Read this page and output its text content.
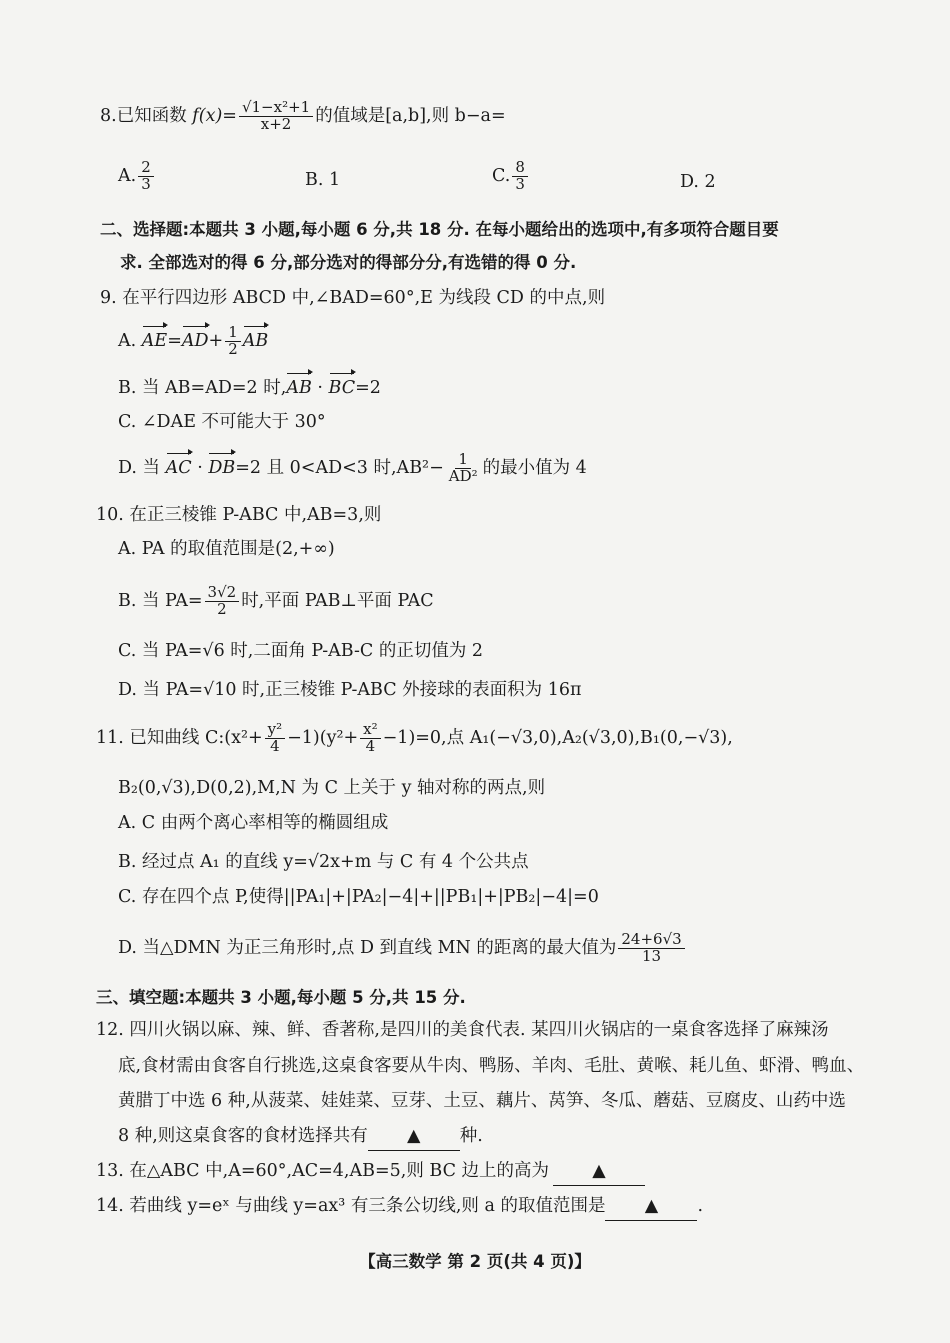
8.已知函数 $f(x)= \frac{\text{√1−x²+1}}{x+2}$ 的值域是[a,b],则 b−a=
A. $\frac{2}{3}$	B. 1	C. $\frac{8}{3}$	D. 2
二、选择题:本题共 3 小题,每小题 6 分,共 18 分. 在每小题给出的选项中,有多项符合题目要
求. 全部选对的得 6 分,部分选对的得部分分,有选错的得 0 分.
9. 在平行四边形 ABCD 中,∠BAD=60°,E 为线段 CD 的中点,则
A. $AE=AD+ \frac{1}{2}$ AB
B. 当 AB=AD=2 时,AB · BC=2
C. ∠DAE 不可能大于 30°
D. 当 AC · DB=2 且 0<AD<3 时$,AB^2- \frac{1}{\text{AD²}}$ 的最小值为 4
10. 在正三棱锥 P-ABC 中,AB=3,则
A. PA 的取值范围是(2,+∞)
B. 当 $PA= \frac{3√2}{2}$ 时,平面 PAB⊥平面 PAC
C. 当 PA=√6 时,二面角 P-AB-C 的正切值为 2
D. 当 PA=√10 时,正三棱锥 P-ABC 外接球的表面积为 16π
11. 已知曲线 C:(x²+ $\frac{\text{y²}}{4} -1)(y^2+ \frac{\text{x²}}{4} -1)=0$,点 A₁(−√3,0),A₂(√3,0),B₁(0,−√3),
B₂(0,√3),D(0,2),M,N 为 C 上关于 y 轴对称的两点,则
A. C 由两个离心率相等的椭圆组成
B. 经过点 A₁ 的直线 y=√2x+m 与 C 有 4 个公共点
C. 存在四个点 P,使得||PA₁|+|PA₂|−4|+||PB₁|+|PB₂|−4|=0
D. 当△DMN 为正三角形时,点 D 到直线 MN 的距离的最大值为 $\frac{24+6√3}{13}$
三、填空题:本题共 3 小题,每小题 5 分,共 15 分.
12. 四川火锅以麻、辣、鲜、香著称,是四川的美食代表. 某四川火锅店的一桌食客选择了麻辣汤
底,食材需由食客自行挑选,这桌食客要从牛肉、鸭肠、羊肉、毛肚、黄喉、耗儿鱼、虾滑、鸭血、
黄腊丁中选 6 种,从菠菜、娃娃菜、豆芽、土豆、藕片、莴笋、冬瓜、蘑菇、豆腐皮、山药中选
8 种,则这桌食客的食材选择共有 ▲ 种.
13. 在△ABC 中,A=60°,AC=4,AB=5,则 BC 边上的高为 ▲
14. 若曲线 y=eˣ 与曲线 y=ax³ 有三条公切线,则 a 的取值范围是 ▲ .
【高三数学 第 2 页(共 4 页)】
